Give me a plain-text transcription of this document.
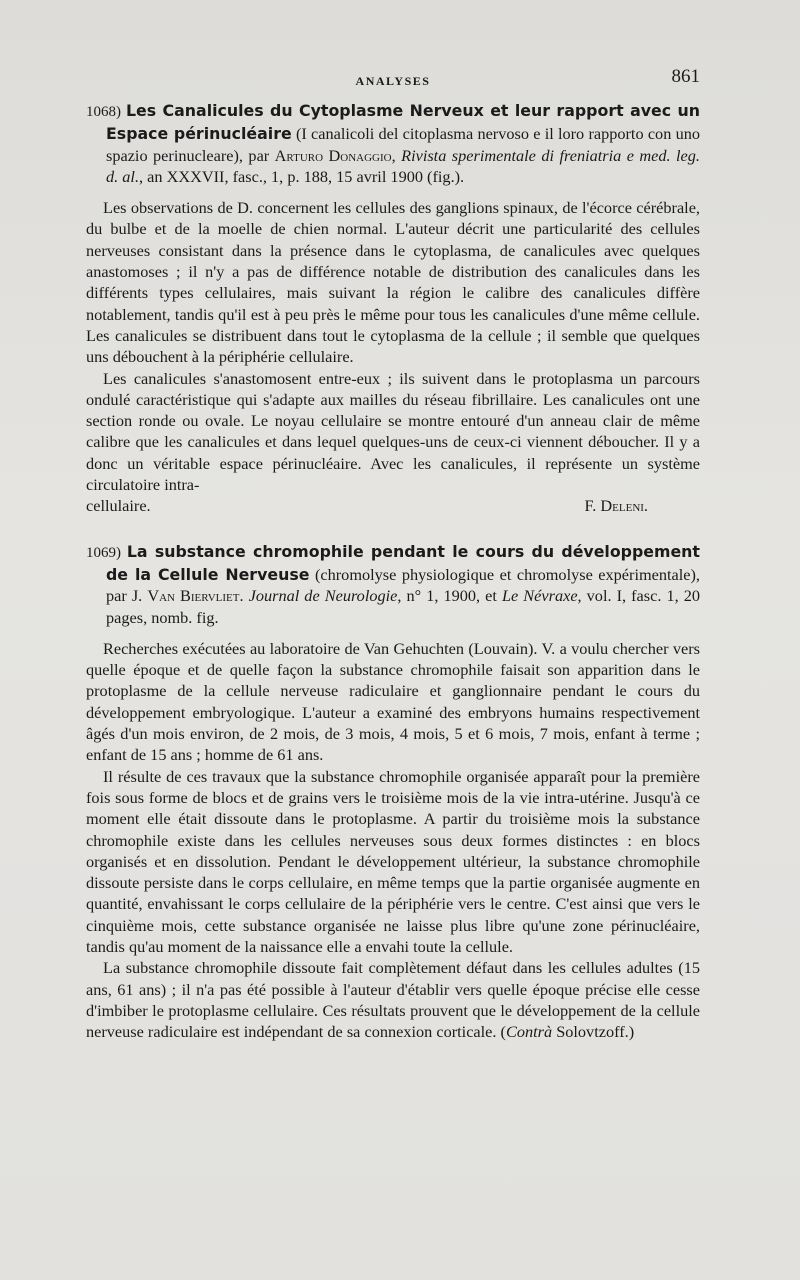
ANALYSES	861
1068) Les Canalicules du Cytoplasme Nerveux et leur rapport avec un Espace périnucléaire (I canalicoli del citoplasma nervoso e il loro rapporto con uno spazio perinucleare), par Arturo Donaggio, Rivista sperimentale di freniatria e med. leg. d. al., an XXXVII, fasc., 1, p. 188, 15 avril 1900 (fig.).

Les observations de D. concernent les cellules des ganglions spinaux, de l'écorce cérébrale, du bulbe et de la moelle de chien normal. L'auteur décrit une particularité des cellules nerveuses consistant dans la présence dans le cytoplasma, de canalicules avec quelques anastomoses ; il n'y a pas de différence notable de distribution des canalicules dans les différents types cellulaires, mais suivant la région le calibre des canalicules diffère notablement, tandis qu'il est à peu près le même pour tous les canalicules d'une même cellule. Les canalicules se distribuent dans tout le cytoplasma de la cellule ; il semble que quelques uns débouchent à la périphérie cellulaire.

Les canalicules s'anastomosent entre-eux ; ils suivent dans le protoplasma un parcours ondulé caractéristique qui s'adapte aux mailles du réseau fibrillaire. Les canalicules ont une section ronde ou ovale. Le noyau cellulaire se montre entouré d'un anneau clair de même calibre que les canalicules et dans lequel quelques-uns de ceux-ci viennent déboucher. Il y a donc un véritable espace périnucléaire. Avec les canalicules, il représente un système circulatoire intra-

cellulaire.	F. Deleni.
1069) La substance chromophile pendant le cours du développement de la Cellule Nerveuse (chromolyse physiologique et chromolyse expérimentale), par J. Van Biervliet. Journal de Neurologie, n° 1, 1900, et Le Névraxe, vol. I, fasc. 1, 20 pages, nomb. fig.

Recherches exécutées au laboratoire de Van Gehuchten (Louvain). V. a voulu chercher vers quelle époque et de quelle façon la substance chromophile faisait son apparition dans le protoplasme de la cellule nerveuse radiculaire et ganglionnaire pendant le cours du développement embryologique. L'auteur a examiné des embryons humains respectivement âgés d'un mois environ, de 2 mois, de 3 mois, 4 mois, 5 et 6 mois, 7 mois, enfant à terme ; enfant de 15 ans ; homme de 61 ans.

Il résulte de ces travaux que la substance chromophile organisée apparaît pour la première fois sous forme de blocs et de grains vers le troisième mois de la vie intra-utérine. Jusqu'à ce moment elle était dissoute dans le protoplasme. A partir du troisième mois la substance chromophile existe dans les cellules nerveuses sous deux formes distinctes : en blocs organisés et en dissolution. Pendant le développement ultérieur, la substance chromophile dissoute persiste dans le corps cellulaire, en même temps que la partie organisée augmente en quantité, envahissant le corps cellulaire de la périphérie vers le centre. C'est ainsi que vers le cinquième mois, cette substance organisée ne laisse plus libre qu'une zone périnucléaire, tandis qu'au moment de la naissance elle a envahi toute la cellule.

La substance chromophile dissoute fait complètement défaut dans les cellules adultes (15 ans, 61 ans) ; il n'a pas été possible à l'auteur d'établir vers quelle époque précise elle cesse d'imbiber le protoplasme cellulaire. Ces résultats prouvent que le développement de la cellule nerveuse radiculaire est indépendant de sa connexion corticale. (Contrà Solovtzoff.)
